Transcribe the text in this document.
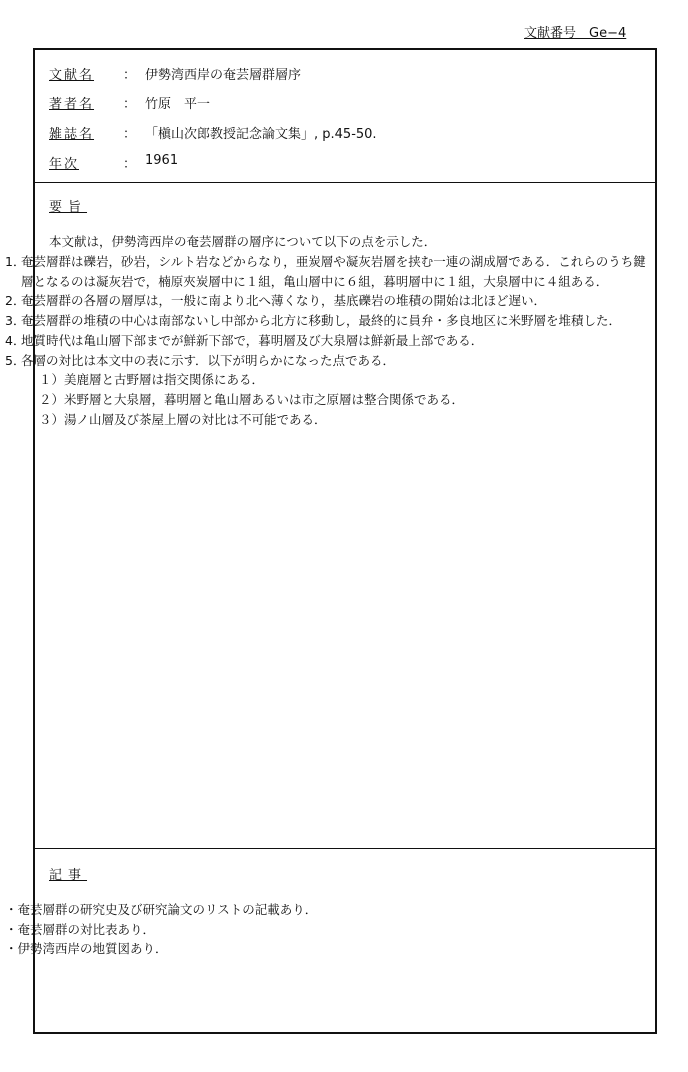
文献番号　Ge−4
文献名	： 伊勢湾西岸の奄芸層群層序
著者名	： 竹原　平一
雑誌名	： 「槇山次郎教授記念論文集」, p.45-50.
年次	： 1961
要旨
本文献は，伊勢湾西岸の奄芸層群の層序について以下の点を示した．
1．
奄芸層群は礫岩，砂岩，シルト岩などからなり，亜炭層や凝灰岩層を挟む一連の湖成層である．これらのうち鍵層となるのは凝灰岩で，楠原夾炭層中に１組，亀山層中に６組，暮明層中に１組，大泉層中に４組ある．
2．
奄芸層群の各層の層厚は，一般に南より北へ薄くなり，基底礫岩の堆積の開始は北ほど遅い．
3．
奄芸層群の堆積の中心は南部ないし中部から北方に移動し，最終的に員弁・多良地区に米野層を堆積した．
4．
地質時代は亀山層下部までが鮮新下部で，暮明層及び大泉層は鮮新最上部である．
5．
各層の対比は本文中の表に示す．以下が明らかになった点である．
１）美鹿層と古野層は指交関係にある．
２）米野層と大泉層，暮明層と亀山層あるいは市之原層は整合関係である．
３）湯ノ山層及び茶屋上層の対比は不可能である．
記事
・奄芸層群の研究史及び研究論文のリストの記載あり．
・奄芸層群の対比表あり．
・伊勢湾西岸の地質図あり．
